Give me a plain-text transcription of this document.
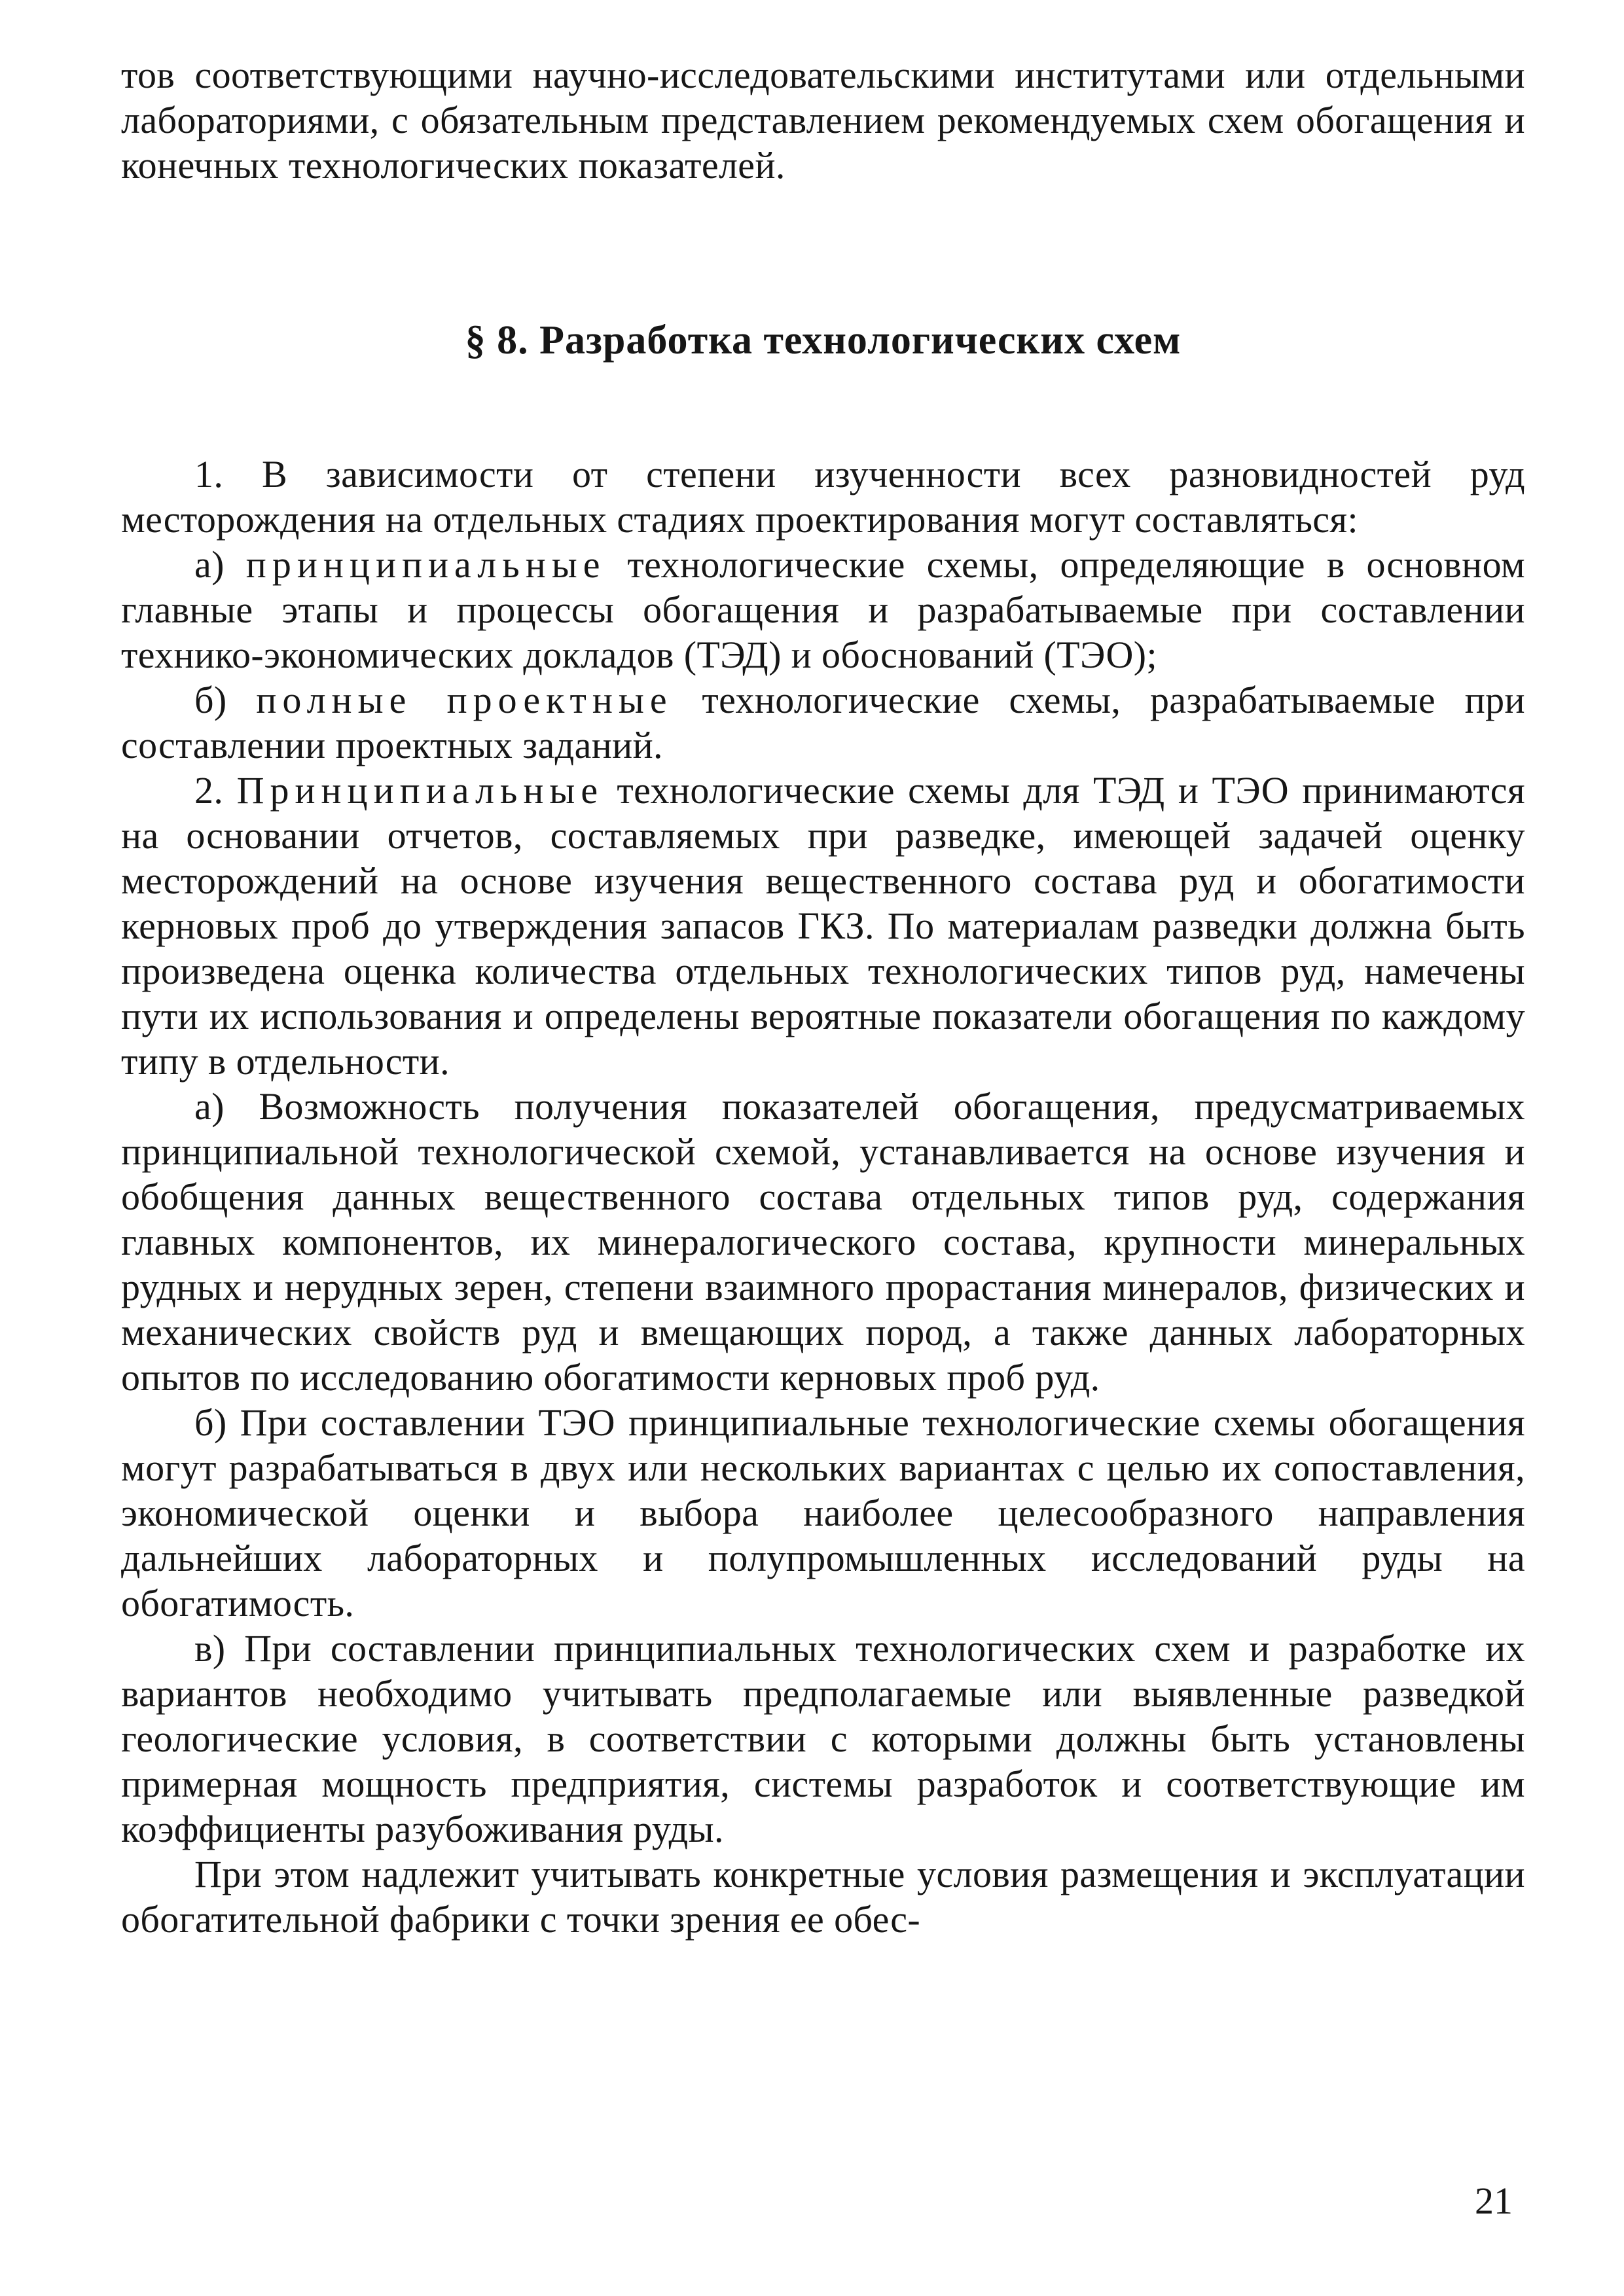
тов соответствующими научно-исследовательскими институтами или отдельными лабораториями, с обязательным представлением рекомендуемых схем обогащения и конечных технологических показателей.

§ 8. Разработка технологических схем

1. В зависимости от степени изученности всех разновидностей руд месторождения на отдельных стадиях проектирования могут составляться:

а) принципиальные технологические схемы, определяющие в основном главные этапы и процессы обогащения и разрабатываемые при составлении технико-экономических докладов (ТЭД) и обоснований (ТЭО);

б) полные проектные технологические схемы, разрабатываемые при составлении проектных заданий.

2. Принципиальные технологические схемы для ТЭД и ТЭО принимаются на основании отчетов, составляемых при разведке, имеющей задачей оценку месторождений на основе изучения вещественного состава руд и обогатимости керновых проб до утверждения запасов ГКЗ. По материалам разведки должна быть произведена оценка количества отдельных технологических типов руд, намечены пути их использования и определены вероятные показатели обогащения по каждому типу в отдельности.

а) Возможность получения показателей обогащения, предусматриваемых принципиальной технологической схемой, устанавливается на основе изучения и обобщения данных вещественного состава отдельных типов руд, содержания главных компонентов, их минералогического состава, крупности минеральных рудных и нерудных зерен, степени взаимного прорастания минералов, физических и механических свойств руд и вмещающих пород, а также данных лабораторных опытов по исследованию обогатимости керновых проб руд.

б) При составлении ТЭО принципиальные технологические схемы обогащения могут разрабатываться в двух или нескольких вариантах с целью их сопоставления, экономической оценки и выбора наиболее целесообразного направления дальнейших лабораторных и полупромышленных исследований руды на обогатимость.

в) При составлении принципиальных технологических схем и разработке их вариантов необходимо учитывать предполагаемые или выявленные разведкой геологические условия, в соответствии с которыми должны быть установлены примерная мощность предприятия, системы разработок и соответствующие им коэффициенты разубоживания руды.

При этом надлежит учитывать конкретные условия размещения и эксплуатации обогатительной фабрики с точки зрения ее обес-

21
